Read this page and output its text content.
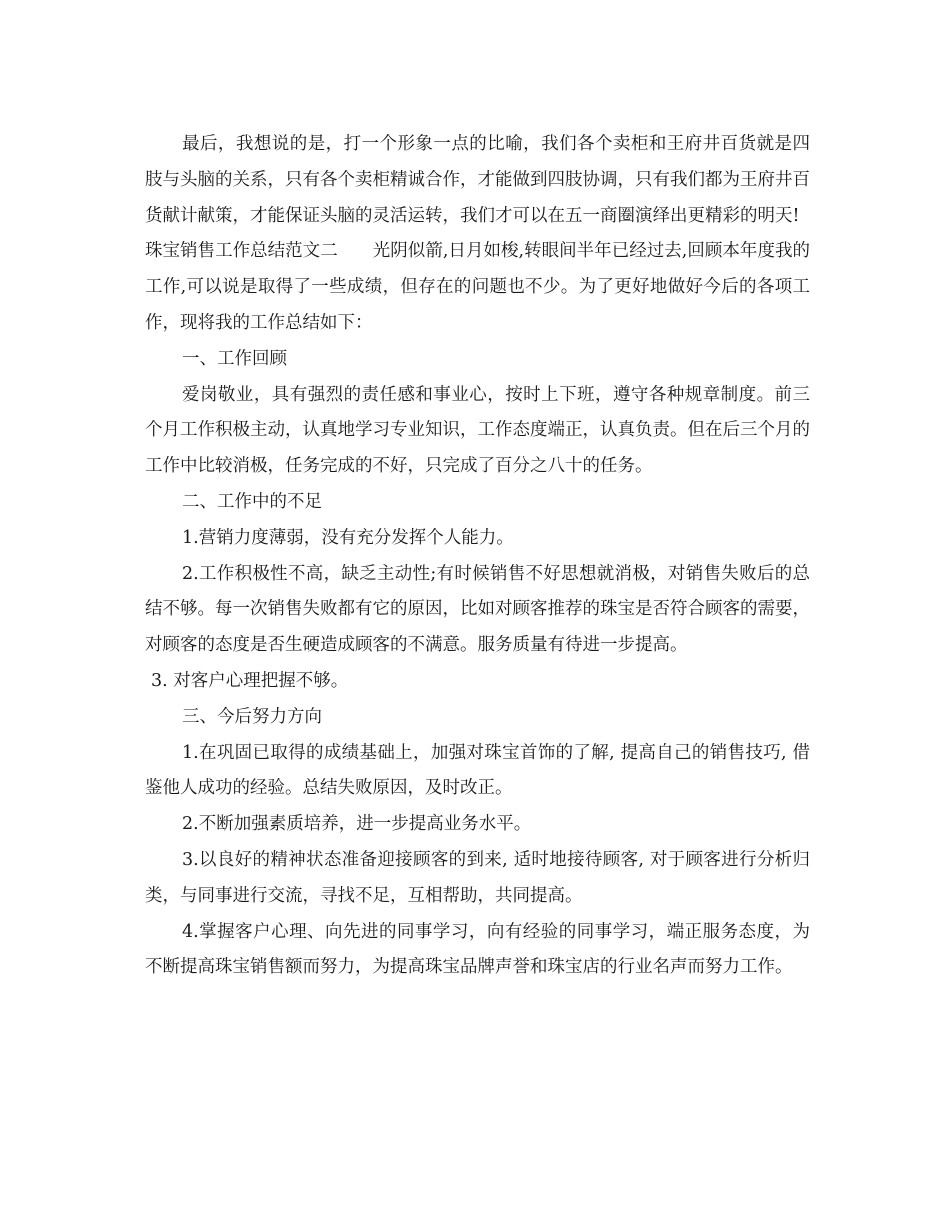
最后，我想说的是，打一个形象一点的比喻，我们各个卖柜和王府井百货就是四肢与头脑的关系，只有各个卖柜精诚合作，才能做到四肢协调，只有我们都为王府井百货献计献策，才能保证头脑的灵活运转，我们才可以在五一商圈演绎出更精彩的明天!

珠宝销售工作总结范文二　　光阴似箭,日月如梭,转眼间半年已经过去,回顾本年度我的工作,可以说是取得了一些成绩，但存在的问题也不少。为了更好地做好今后的各项工作，现将我的工作总结如下：

一、工作回顾

爱岗敬业，具有强烈的责任感和事业心，按时上下班，遵守各种规章制度。前三个月工作积极主动，认真地学习专业知识，工作态度端正，认真负责。但在后三个月的工作中比较消极，任务完成的不好，只完成了百分之八十的任务。

二、工作中的不足

1.营销力度薄弱，没有充分发挥个人能力。

2.工作积极性不高，缺乏主动性;有时候销售不好思想就消极，对销售失败后的总结不够。每一次销售失败都有它的原因，比如对顾客推荐的珠宝是否符合顾客的需要，对顾客的态度是否生硬造成顾客的不满意。服务质量有待进一步提高。

3. 对客户心理把握不够。

三、今后努力方向

1.在巩固已取得的成绩基础上，加强对珠宝首饰的了解, 提高自己的销售技巧, 借鉴他人成功的经验。总结失败原因，及时改正。

2.不断加强素质培养，进一步提高业务水平。

3.以良好的精神状态准备迎接顾客的到来, 适时地接待顾客, 对于顾客进行分析归类，与同事进行交流，寻找不足，互相帮助，共同提高。

4.掌握客户心理、向先进的同事学习，向有经验的同事学习，端正服务态度，为不断提高珠宝销售额而努力，为提高珠宝品牌声誉和珠宝店的行业名声而努力工作。
